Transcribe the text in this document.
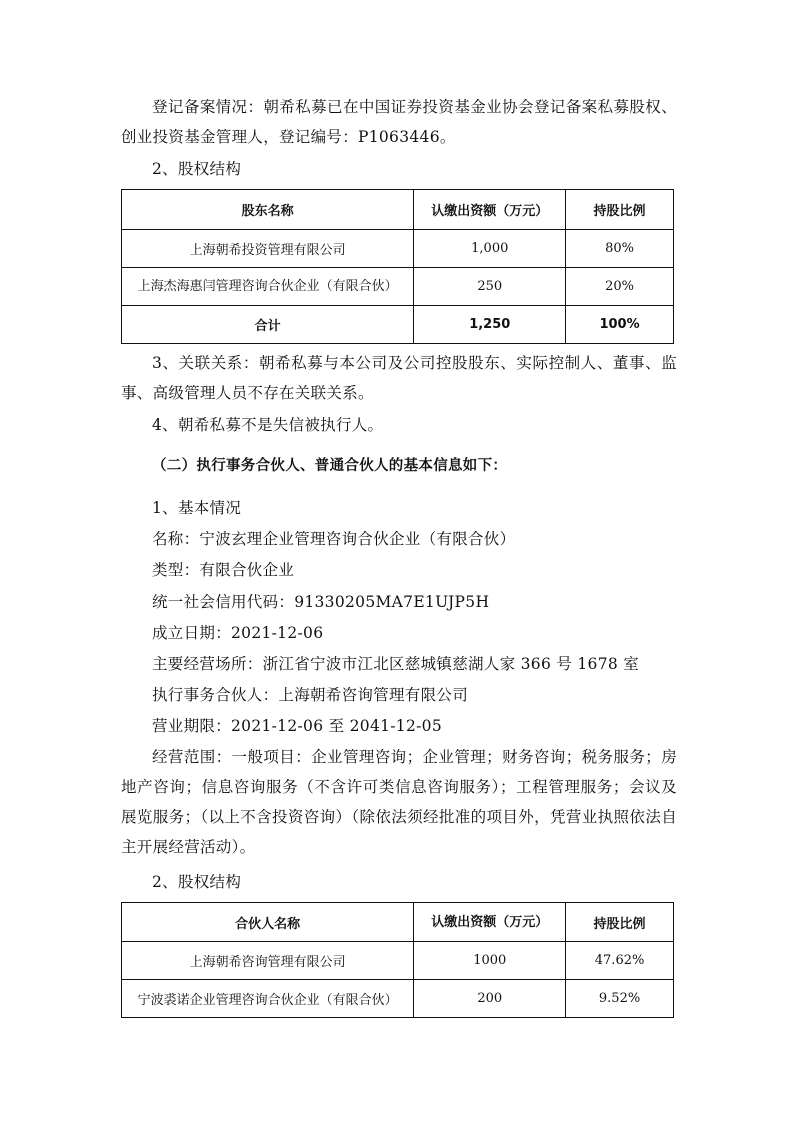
登记备案情况：朝希私募已在中国证券投资基金业协会登记备案私募股权、创业投资基金管理人，登记编号：P1063446。

2、股权结构

股东名称	认缴出资额（万元）	持股比例
上海朝希投资管理有限公司	1,000	80%

上海杰海惠闫管理咨询合伙企业（有限合伙）	250	20%
合计	1,250	100%

3、关联关系：朝希私募与本公司及公司控股股东、实际控制人、董事、监事、高级管理人员不存在关联关系。

4、朝希私募不是失信被执行人。

（二）执行事务合伙人、普通合伙人的基本信息如下：

1、基本情况

名称：宁波玄理企业管理咨询合伙企业（有限合伙）

类型：有限合伙企业

统一社会信用代码：91330205MA7E1UJP5H

成立日期：2021-12-06

主要经营场所：浙江省宁波市江北区慈城镇慈湖人家 366 号 1678 室

执行事务合伙人：上海朝希咨询管理有限公司

营业期限：2021-12-06 至 2041-12-05

经营范围：一般项目：企业管理咨询；企业管理；财务咨询；税务服务；房地产咨询；信息咨询服务（不含许可类信息咨询服务）；工程管理服务；会议及展览服务；（以上不含投资咨询）（除依法须经批准的项目外，凭营业执照依法自主开展经营活动）。

2、股权结构

合伙人名称	认缴出资额（万元）	持股比例
上海朝希咨询管理有限公司	1000	47.62%
宁波裘诺企业管理咨询合伙企业（有限合伙）	200	9.52%
